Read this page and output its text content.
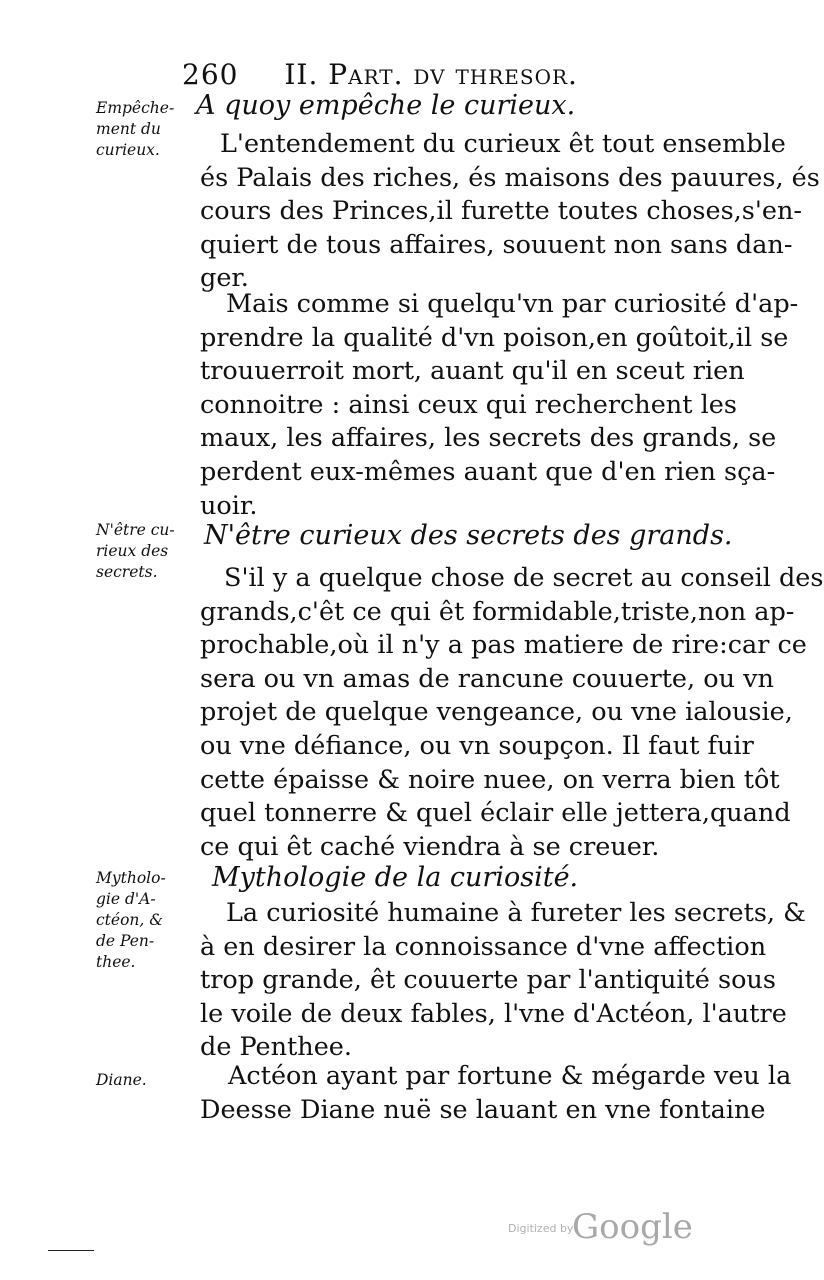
260 II. Part. dv thresor.
Empêche-
ment du
curieux.
A quoy empêche le curieux.
L'entendement du curieux êt tout ensemble
és Palais des riches, és maisons des pauures, és
cours des Princes,il furette toutes choses,s'en-
quiert de tous affaires, souuent non sans dan-
ger.
Mais comme si quelqu'vn par curiosité d'ap-
prendre la qualité d'vn poison,en goûtoit,il se
trouuerroit mort, auant qu'il en sceut rien
connoitre : ainsi ceux qui recherchent les
maux, les affaires, les secrets des grands, se
perdent eux-mêmes auant que d'en rien sça-
uoir.
N'être cu-
rieux des
secrets.
N'être curieux des secrets des grands.
S'il y a quelque chose de secret au conseil des
grands,c'êt ce qui êt formidable,triste,non ap-
prochable,où il n'y a pas matiere de rire:car ce
sera ou vn amas de rancune couuerte, ou vn
projet de quelque vengeance, ou vne ialousie,
ou vne défiance, ou vn soupçon. Il faut fuir
cette épaisse & noire nuee, on verra bien tôt
quel tonnerre & quel éclair elle jettera,quand
ce qui êt caché viendra à se creuer.
Mytholo-
gie d'A-
ctéon, &
de Pen-
thee.
Mythologie de la curiosité.
La curiosité humaine à fureter les secrets, &
à en desirer la connoissance d'vne affection
trop grande, êt couuerte par l'antiquité sous
le voile de deux fables, l'vne d'Actéon, l'autre
de Penthee.
Diane.	Actéon ayant par fortune & mégarde veu la
Deesse Diane nuë se lauant en vne fontaine
Digitized by
Google
